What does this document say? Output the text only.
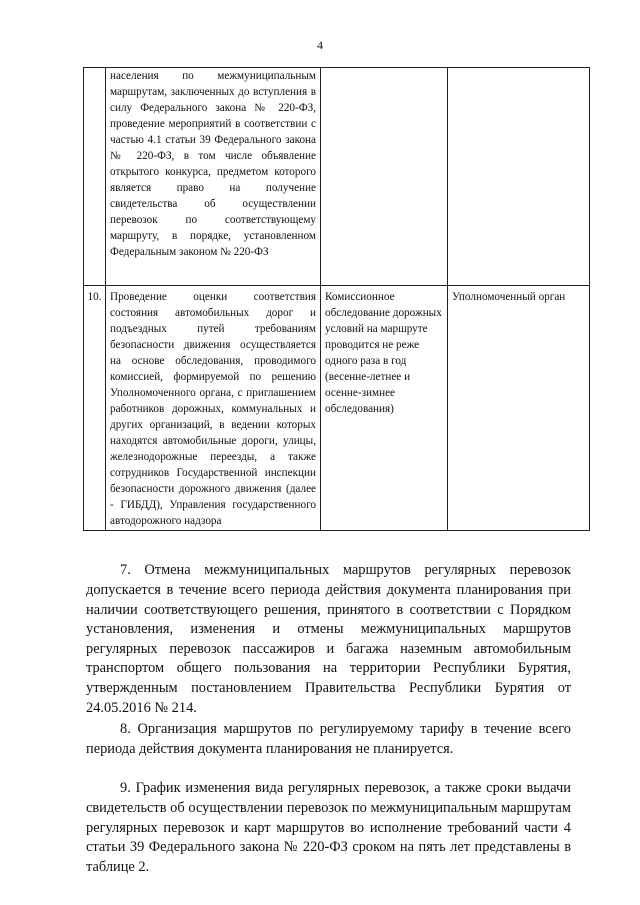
4
	населения по межмуниципальным маршрутам, заключенных до вступления в силу Федерального закона № 220-ФЗ, проведение мероприятий в соответствии с частью 4.1 статьи 39 Федерального закона № 220-ФЗ, в том числе объявление открытого конкурса, предметом которого является право на получение свидетельства об осуществлении перевозок по соответствующему маршруту, в порядке, установленном Федеральным законом № 220-ФЗ		
10.	Проведение оценки соответствия состояния автомобильных дорог и подъездных путей требованиям безопасности движения осуществляется на основе обследования, проводимого комиссией, формируемой по решению Уполномоченного органа, с приглашением работников дорожных, коммунальных и других организаций, в ведении которых находятся автомобильные дороги, улицы, железнодорожные переезды, а также сотрудников Государственной инспекции безопасности дорожного движения (далее - ГИБДД), Управления государственного автодорожного надзора	Комиссионное обследование дорожных условий на маршруте проводится не реже одного раза в год (весенне-летнее и осенне-зимнее обследования)	Уполномоченный орган

7. Отмена межмуниципальных маршрутов регулярных перевозок допускается в течение всего периода действия документа планирования при наличии соответствующего решения, принятого в соответствии с Порядком установления, изменения и отмены межмуниципальных маршрутов регулярных перевозок пассажиров и багажа наземным автомобильным транспортом общего пользования на территории Республики Бурятия, утвержденным постановлением Правительства Республики Бурятия от 24.05.2016 № 214.

8. Организация маршрутов по регулируемому тарифу в течение всего периода действия документа планирования не планируется.

9. График изменения вида регулярных перевозок, а также сроки выдачи свидетельств об осуществлении перевозок по межмуниципальным маршрутам регулярных перевозок и карт маршрутов во исполнение требований части 4 статьи 39 Федерального закона № 220-ФЗ сроком на пять лет представлены в таблице 2.
